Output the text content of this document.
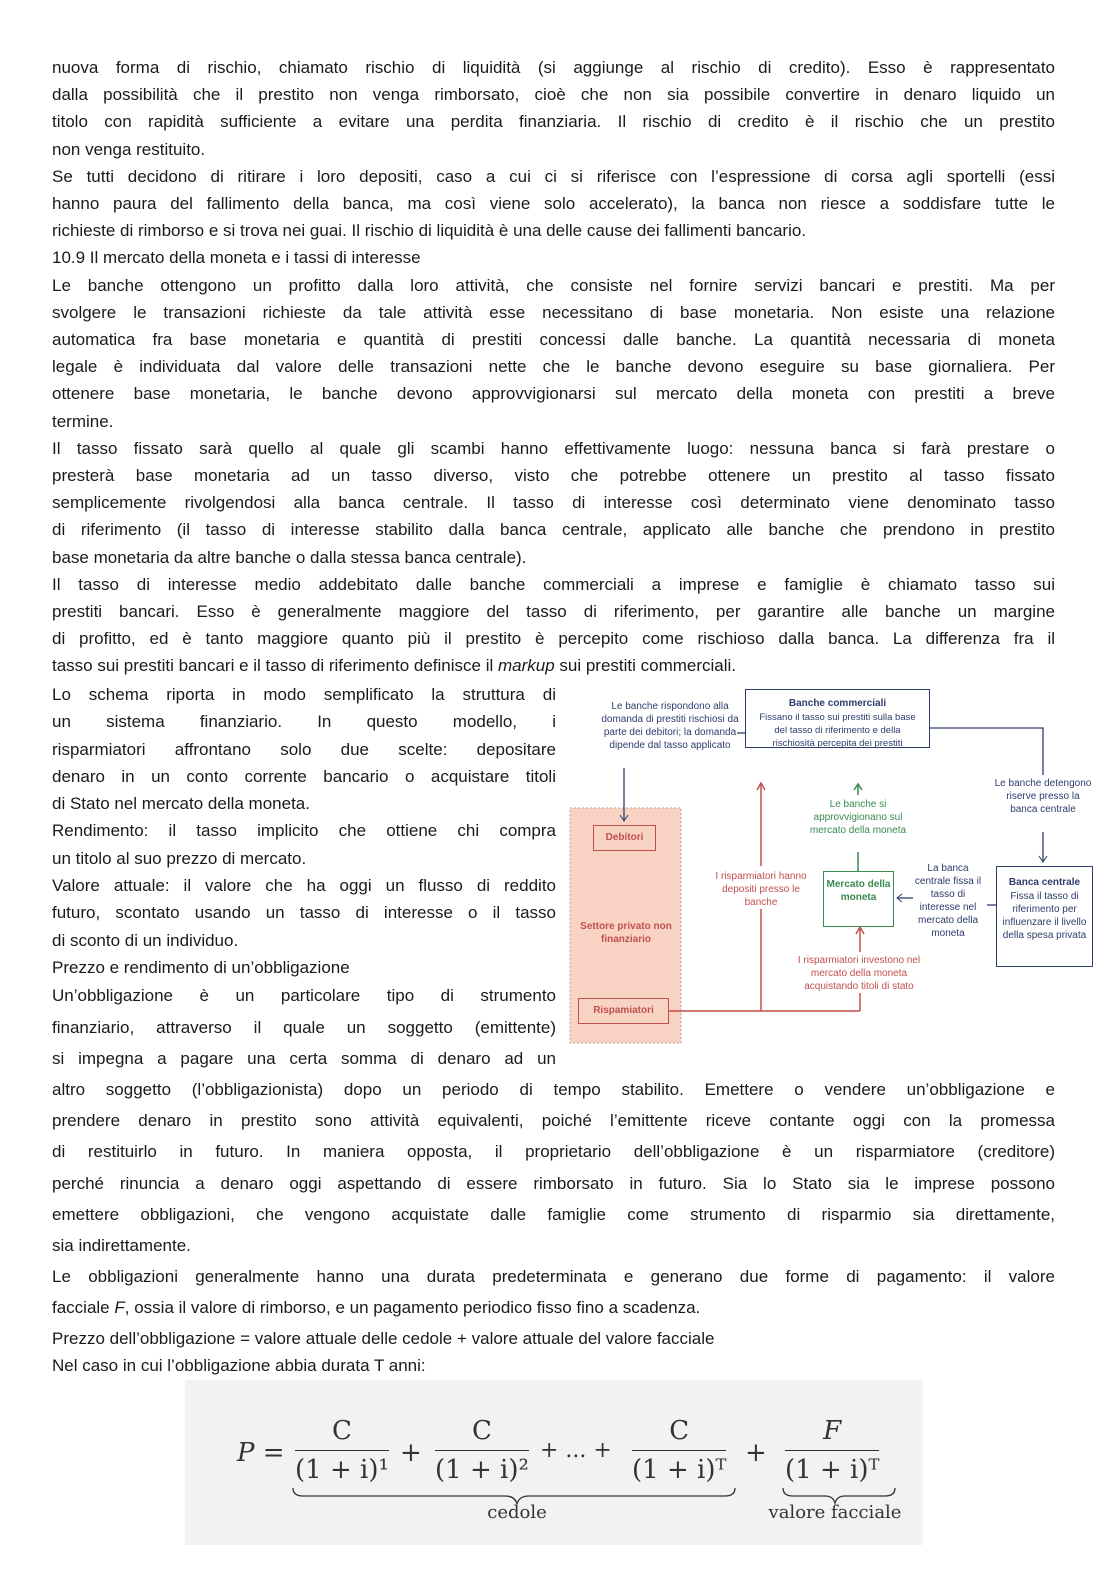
nuova forma di rischio, chiamato rischio di liquidità (si aggiunge al rischio di credito). Esso è rappresentato
dalla possibilità che il prestito non venga rimborsato, cioè che non sia possibile convertire in denaro liquido un
titolo con rapidità sufficiente a evitare una perdita finanziaria. Il rischio di credito è il rischio che un prestito
non venga restituito.
Se tutti decidono di ritirare i loro depositi, caso a cui ci si riferisce con l’espressione di corsa agli sportelli (essi
hanno paura del fallimento della banca, ma così viene solo accelerato), la banca non riesce a soddisfare tutte le
richieste di rimborso e si trova nei guai. Il rischio di liquidità è una delle cause dei fallimenti bancario.
10.9 Il mercato della moneta e i tassi di interesse
Le banche ottengono un profitto dalla loro attività, che consiste nel fornire servizi bancari e prestiti. Ma per
svolgere le transazioni richieste da tale attività esse necessitano di base monetaria. Non esiste una relazione
automatica fra base monetaria e quantità di prestiti concessi dalle banche. La quantità necessaria di moneta
legale è individuata dal valore delle transazioni nette che le banche devono eseguire su base giornaliera. Per
ottenere base monetaria, le banche devono approvvigionarsi sul mercato della moneta con prestiti a breve
termine.
Il tasso fissato sarà quello al quale gli scambi hanno effettivamente luogo: nessuna banca si farà prestare o
presterà base monetaria ad un tasso diverso, visto che potrebbe ottenere un prestito al tasso fissato
semplicemente rivolgendosi alla banca centrale. Il tasso di interesse così determinato viene denominato tasso
di riferimento (il tasso di interesse stabilito dalla banca centrale, applicato alle banche che prendono in prestito
base monetaria da altre banche o dalla stessa banca centrale).
Il tasso di interesse medio addebitato dalle banche commerciali a imprese e famiglie è chiamato tasso sui
prestiti bancari. Esso è generalmente maggiore del tasso di riferimento, per garantire alle banche un margine
di profitto, ed è tanto maggiore quanto più il prestito è percepito come rischioso dalla banca. La differenza fra il
tasso sui prestiti bancari e il tasso di riferimento definisce il markup sui prestiti commerciali.
Lo schema riporta in modo semplificato la struttura di
un sistema finanziario. In questo modello, i
risparmiatori affrontano solo due scelte: depositare
denaro in un conto corrente bancario o acquistare titoli
di Stato nel mercato della moneta.
Rendimento: il tasso implicito che ottiene chi compra
un titolo al suo prezzo di mercato.
Valore attuale: il valore che ha oggi un flusso di reddito
futuro, scontato usando un tasso di interesse o il tasso
di sconto di un individuo.
Prezzo e rendimento di un’obbligazione
Un’obbligazione è un particolare tipo di strumento
finanziario, attraverso il quale un soggetto (emittente)
si impegna a pagare una certa somma di denaro ad un
altro soggetto (l’obbligazionista) dopo un periodo di tempo stabilito. Emettere o vendere un’obbligazione e
prendere denaro in prestito sono attività equivalenti, poiché l’emittente riceve contante oggi con la promessa
di restituirlo in futuro. In maniera opposta, il proprietario dell’obbligazione è un risparmiatore (creditore)
perché rinuncia a denaro oggi aspettando di essere rimborsato in futuro. Sia lo Stato sia le imprese possono
emettere obbligazioni, che vengono acquistate dalle famiglie come strumento di risparmio sia direttamente,
sia indirettamente.
Le obbligazioni generalmente hanno una durata predeterminata e generano due forme di pagamento: il valore
facciale F, ossia il valore di rimborso, e un pagamento periodico fisso fino a scadenza.
Prezzo dell’obbligazione = valore attuale delle cedole + valore attuale del valore facciale
Nel caso in cui l’obbligazione abbia durata T anni:
Banche commerciali
Fissano il tasso sui prestiti sulla base del tasso di riferimento e della rischiosità percepita dei prestiti
Le banche rispondono alla domanda di prestiti rischiosi da parte dei debitori; la domanda dipende dal tasso applicato
Le banche detengono riserve presso la banca centrale
Banca centrale
Fissa il tasso di riferimento per influenzare il livello della spesa privata
Mercato della moneta
Le banche si approvvigionano sul mercato della moneta
La banca centrale fissa il tasso di interesse nel mercato della moneta
I risparmiatori hanno depositi presso le banche
I risparmiatori investono nel mercato della moneta acquistando titoli di stato
Debitori
Settore privato non finanziario
Rispamiatori
$P = \frac{C}{\text{(1 + i)¹}} + \frac{C}{\text{(1 + i)²}}$ + ... + $\frac{C}{\text{(1 + i)ᵀ}} + \frac{F}{\text{(1 + i)ᵀ}}$
cedole	valore facciale
